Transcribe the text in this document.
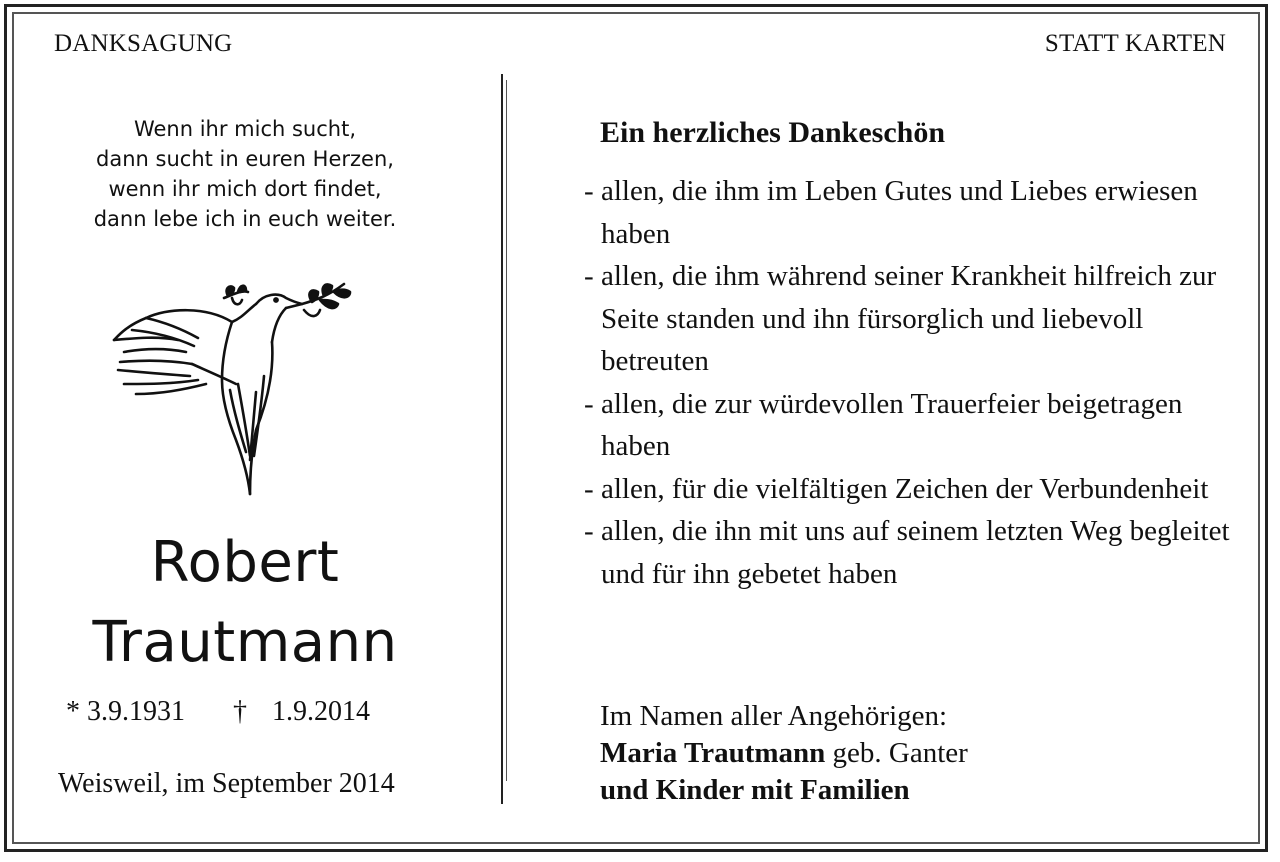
DANKSAGUNG	STATT KARTEN
Wenn ihr mich sucht,
dann sucht in euren Herzen,
wenn ihr mich dort findet,
dann lebe ich in euch weiter.
Robert
Trautmann
* 3.9.1931 † 1.9.2014
Weisweil, im September 2014
Ein herzliches Dankeschön
- allen, die ihm im Leben Gutes und Liebes erwiesen haben
- allen, die ihm während seiner Krankheit hilfreich zur Seite standen und ihn fürsorglich und liebevoll betreuten
- allen, die zur würdevollen Trauerfeier beigetragen haben
- allen, für die vielfältigen Zeichen der Verbundenheit
- allen, die ihn mit uns auf seinem letzten Weg begleitet und für ihn gebetet haben
Im Namen aller Angehörigen:
Maria Trautmann geb. Ganter
und Kinder mit Familien
